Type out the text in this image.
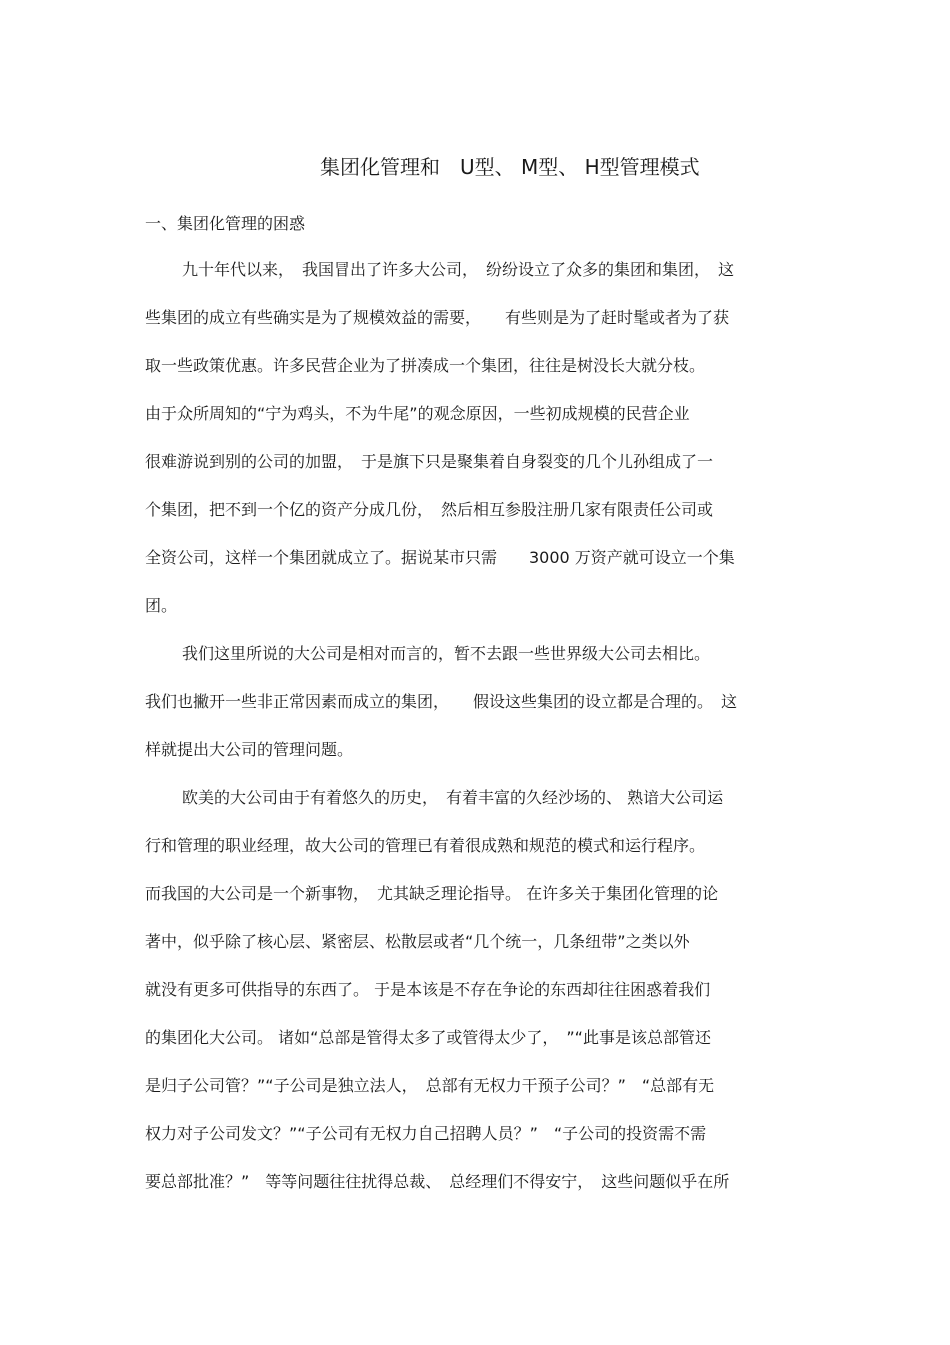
集团化管理和　U型、 M型、 H型管理模式
一、集团化管理的困惑

九十年代以来，　我国冒出了许多大公司，　纷纷设立了众多的集团和集团，　这

些集团的成立有些确实是为了规模效益的需要，　　有些则是为了赶时髦或者为了获

取一些政策优惠。许多民营企业为了拼凑成一个集团，往往是树没长大就分枝。

由于众所周知的“宁为鸡头，不为牛尾”的观念原因，一些初成规模的民营企业

很难游说到别的公司的加盟，　于是旗下只是聚集着自身裂变的几个儿孙组成了一

个集团，把不到一个亿的资产分成几份，　然后相互参股注册几家有限责任公司或

全资公司，这样一个集团就成立了。据说某市只需　　3000 万资产就可设立一个集

团。

我们这里所说的大公司是相对而言的，暂不去跟一些世界级大公司去相比。

我们也撇开一些非正常因素而成立的集团，　　假设这些集团的设立都是合理的。　这

样就提出大公司的管理问题。

欧美的大公司由于有着悠久的历史，　有着丰富的久经沙场的、 熟谙大公司运

行和管理的职业经理，故大公司的管理已有着很成熟和规范的模式和运行程序。

而我国的大公司是一个新事物，　尤其缺乏理论指导。 在许多关于集团化管理的论

著中，似乎除了核心层、紧密层、松散层或者“几个统一，几条纽带”之类以外

就没有更多可供指导的东西了。 于是本该是不存在争论的东西却往往困惑着我们

的集团化大公司。 诸如“总部是管得太多了或管得太少了，　”“此事是该总部管还

是归子公司管？”“子公司是独立法人，　总部有无权力干预子公司？”　“总部有无

权力对子公司发文？”“子公司有无权力自己招聘人员？”　“子公司的投资需不需

要总部批准？”　等等问题往往扰得总裁、　总经理们不得安宁，　这些问题似乎在所
